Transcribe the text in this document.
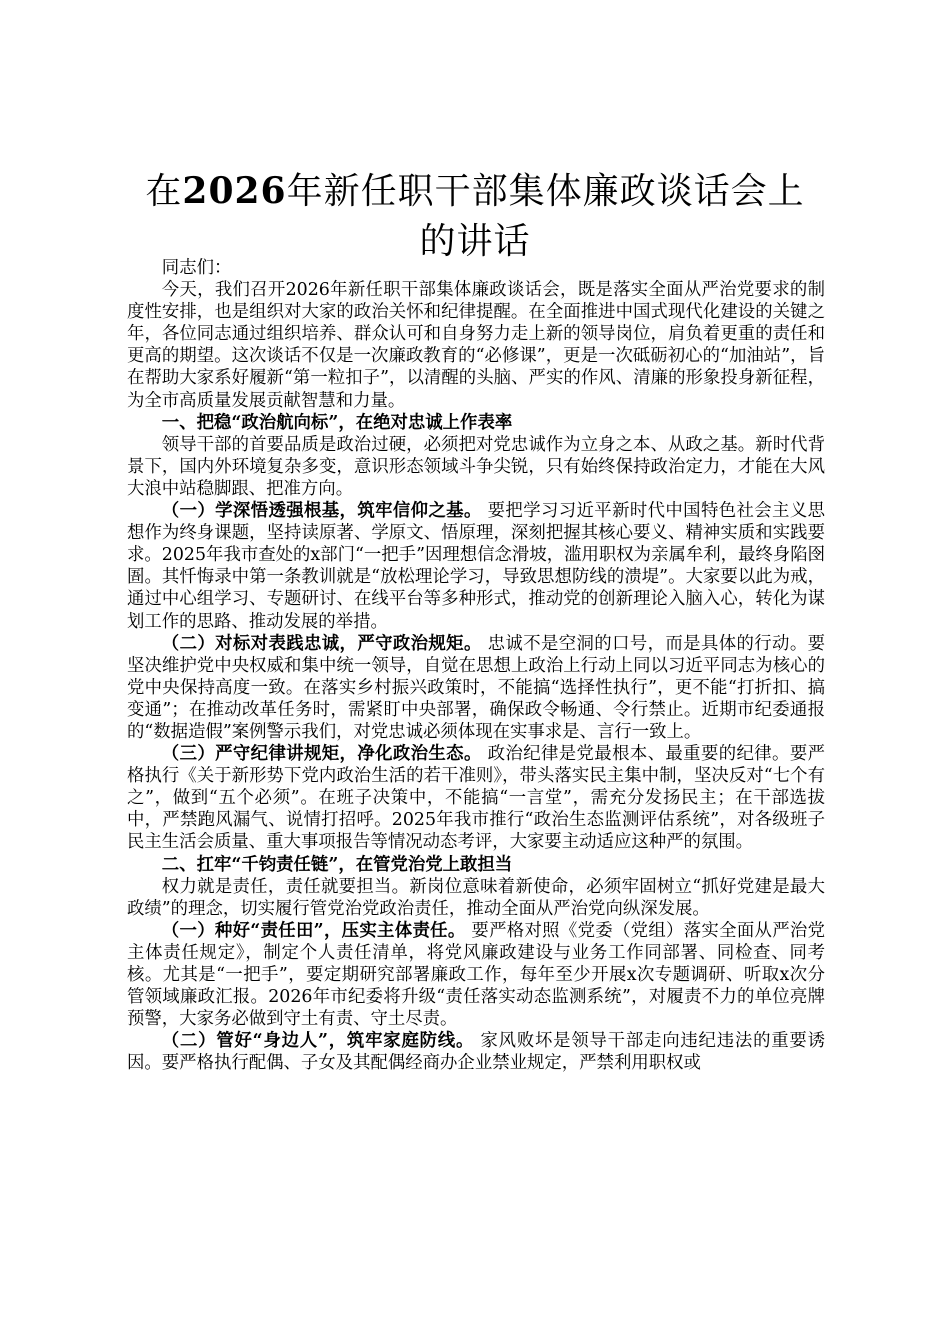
在2026年新任职干部集体廉政谈话会上的讲话

同志们：

今天，我们召开2026年新任职干部集体廉政谈话会，既是落实全面从严治党要求的制度性安排，也是组织对大家的政治关怀和纪律提醒。在全面推进中国式现代化建设的关键之年，各位同志通过组织培养、群众认可和自身努力走上新的领导岗位，肩负着更重的责任和更高的期望。这次谈话不仅是一次廉政教育的“必修课”，更是一次砥砺初心的“加油站”，旨在帮助大家系好履新“第一粒扣子”，以清醒的头脑、严实的作风、清廉的形象投身新征程，为全市高质量发展贡献智慧和力量。

一、把稳“政治航向标”，在绝对忠诚上作表率

领导干部的首要品质是政治过硬，必须把对党忠诚作为立身之本、从政之基。新时代背景下，国内外环境复杂多变，意识形态领域斗争尖锐，只有始终保持政治定力，才能在大风大浪中站稳脚跟、把准方向。

（一）学深悟透强根基，筑牢信仰之基。 要把学习习近平新时代中国特色社会主义思想作为终身课题，坚持读原著、学原文、悟原理，深刻把握其核心要义、精神实质和实践要求。2025年我市查处的x部门“一把手”因理想信念滑坡，滥用职权为亲属牟利，最终身陷囹圄。其忏悔录中第一条教训就是“放松理论学习，导致思想防线的溃堤”。大家要以此为戒，通过中心组学习、专题研讨、在线平台等多种形式，推动党的创新理论入脑入心，转化为谋划工作的思路、推动发展的举措。

（二）对标对表践忠诚，严守政治规矩。 忠诚不是空洞的口号，而是具体的行动。要坚决维护党中央权威和集中统一领导，自觉在思想上政治上行动上同以习近平同志为核心的党中央保持高度一致。在落实乡村振兴政策时，不能搞“选择性执行”，更不能“打折扣、搞变通”；在推动改革任务时，需紧盯中央部署，确保政令畅通、令行禁止。近期市纪委通报的“数据造假”案例警示我们，对党忠诚必须体现在实事求是、言行一致上。

（三）严守纪律讲规矩，净化政治生态。 政治纪律是党最根本、最重要的纪律。要严格执行《关于新形势下党内政治生活的若干准则》，带头落实民主集中制，坚决反对“七个有之”，做到“五个必须”。在班子决策中，不能搞“一言堂”，需充分发扬民主；在干部选拔中，严禁跑风漏气、说情打招呼。2025年我市推行“政治生态监测评估系统”，对各级班子民主生活会质量、重大事项报告等情况动态考评，大家要主动适应这种严的氛围。

二、扛牢“千钧责任链”，在管党治党上敢担当

权力就是责任，责任就要担当。新岗位意味着新使命，必须牢固树立“抓好党建是最大政绩”的理念，切实履行管党治党政治责任，推动全面从严治党向纵深发展。

（一）种好“责任田”，压实主体责任。 要严格对照《党委（党组）落实全面从严治党主体责任规定》，制定个人责任清单，将党风廉政建设与业务工作同部署、同检查、同考核。尤其是“一把手”，要定期研究部署廉政工作，每年至少开展x次专题调研、听取x次分管领域廉政汇报。2026年市纪委将升级“责任落实动态监测系统”，对履责不力的单位亮牌预警，大家务必做到守土有责、守土尽责。

（二）管好“身边人”，筑牢家庭防线。 家风败坏是领导干部走向违纪违法的重要诱因。要严格执行配偶、子女及其配偶经商办企业禁业规定，严禁利用职权或
